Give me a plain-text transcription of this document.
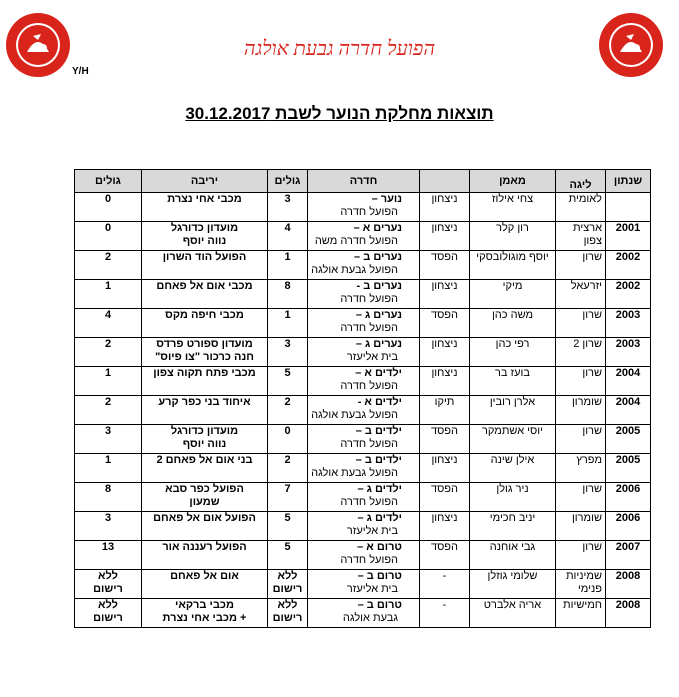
Y/H
הפועל חדרה גבעת אולגה
תוצאות מחלקת הנוער לשבת 30.12.2017
שנתון	ליגה	מאמן		חדרה	גולים	יריבה	גולים

	לאומית	צחי אילוז	ניצחון	נוער –
הפועל חדרה	3	מכבי אחי נצרת	0

2001	ארצית
צפון	רון קלר	ניצחון	נערים א –
הפועל חדרה משה	4	מועדון כדורגל
נווה יוסף	0

2002	שרון	יוסף מוגולובסקי	הפסד	נערים ב –
הפועל גבעת אולגה	1	הפועל הוד השרון	2

2002	יזרעאל	מיקי	ניצחון	נערים ב -
הפועל חדרה	8	מכבי אום אל פאחם	1

2003	שרון	משה כהן	הפסד	נערים ג –
הפועל חדרה	1	מכבי חיפה מקס	4

2003	שרון 2	רפי כהן	ניצחון	נערים ג –
בית אליעזר	3	מועדון ספורט פרדס
חנה כרכור "צו פיוס"	2

2004	שרון	בועז בר	ניצחון	ילדים א –
הפועל חדרה	5	מכבי פתח תקוה צפון	1

2004	שומרון	אלרן רובין	תיקו	ילדים א -
הפועל גבעת אולגה	2	איחוד בני כפר קרע	2

2005	שרון	יוסי אשתמקר	הפסד	ילדים ב –
הפועל חדרה	0	מועדון כדורגל
נווה יוסף	3

2005	מפרץ	אילן שינה	ניצחון	ילדים ב –
הפועל גבעת אולגה	2	בני אום אל פאחם 2	1

2006	שרון	ניר גולן	הפסד	ילדים ג –
הפועל חדרה	7	הפועל כפר סבא
שמעון	8

2006	שומרון	יניב חכימי	ניצחון	ילדים ג –
בית אליעזר	5	הפועל אום אל פאחם	3

2007	שרון	גבי אוחנה	הפסד	טרום א –
הפועל חדרה	5	הפועל רעננה אור	13

2008	שמיניות
פנימי	שלומי גוזלן	-	טרום ב –
בית אליעזר	ללא רישום	אום אל פאחם	ללא
רישום

2008	חמישיות	אריה אלברט	-	טרום ב –
גבעת אולגה	ללא רישום	מכבי ברקאי
+ מכבי אחי נצרת	ללא
רישום
